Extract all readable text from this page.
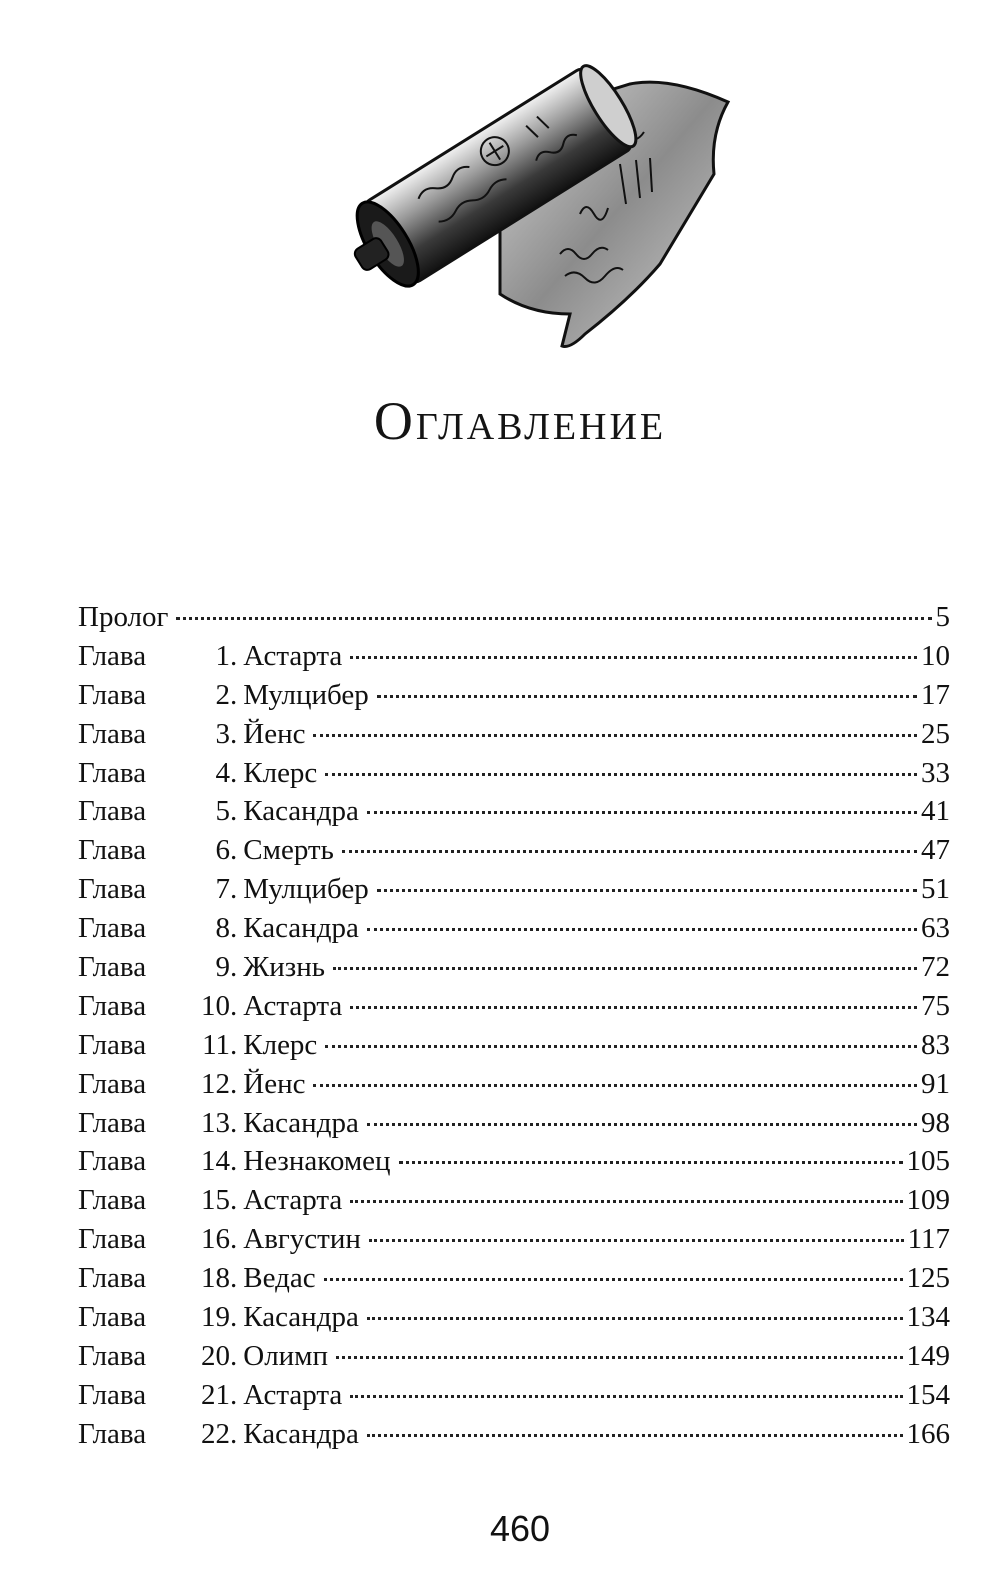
Оглавление
Пролог	5
Глава	1 . Астарта	10
Глава	2 . Мулцибер	17
Глава	3 . Йенс	25
Глава	4 . Клерс	33
Глава	5 . Касандра	41
Глава	6 . Смерть	47
Глава	7 . Мулцибер	51
Глава	8 . Касандра	63
Глава	9 . Жизнь	72
Глава	10 . Астарта	75
Глава	11 . Клерс	83
Глава	12 . Йенс	91
Глава	13 . Касандра	98
Глава	14 . Незнакомец	105
Глава	15 . Астарта	109
Глава	16 . Августин	117
Глава	18 . Ведас	125
Глава	19 . Касандра	134
Глава	20 . Олимп	149
Глава	21 . Астарта	154
Глава	22 . Касандра	166
460
